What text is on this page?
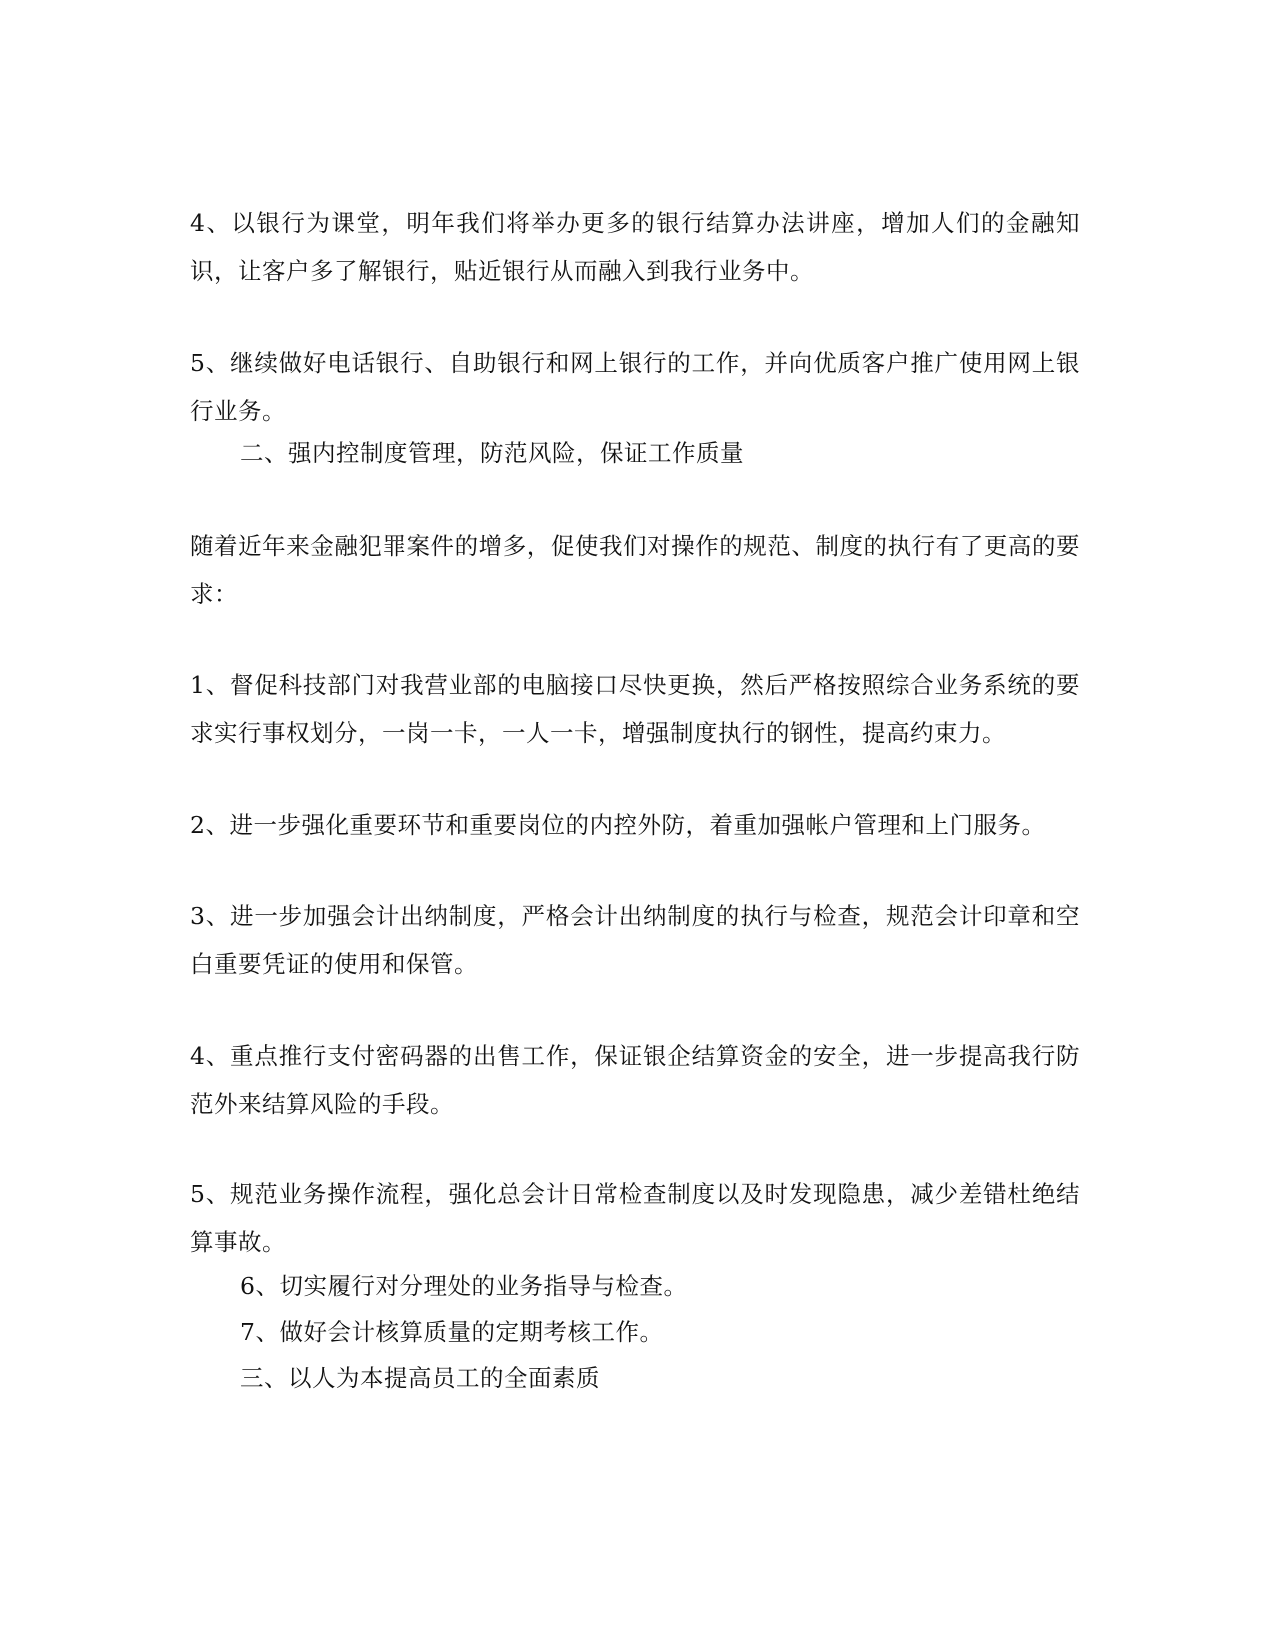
4、以银行为课堂，明年我们将举办更多的银行结算办法讲座，增加人们的金融知识，让客户多了解银行，贴近银行从而融入到我行业务中。

5、继续做好电话银行、自助银行和网上银行的工作，并向优质客户推广使用网上银行业务。

二、强内控制度管理，防范风险，保证工作质量

随着近年来金融犯罪案件的增多，促使我们对操作的规范、制度的执行有了更高的要求：

1、督促科技部门对我营业部的电脑接口尽快更换，然后严格按照综合业务系统的要求实行事权划分，一岗一卡，一人一卡，增强制度执行的钢性，提高约束力。

2、进一步强化重要环节和重要岗位的内控外防，着重加强帐户管理和上门服务。

3、进一步加强会计出纳制度，严格会计出纳制度的执行与检查，规范会计印章和空白重要凭证的使用和保管。

4、重点推行支付密码器的出售工作，保证银企结算资金的安全，进一步提高我行防范外来结算风险的手段。

5、规范业务操作流程，强化总会计日常检查制度以及时发现隐患，减少差错杜绝结算事故。

6、切实履行对分理处的业务指导与检查。

7、做好会计核算质量的定期考核工作。

三、以人为本提高员工的全面素质
